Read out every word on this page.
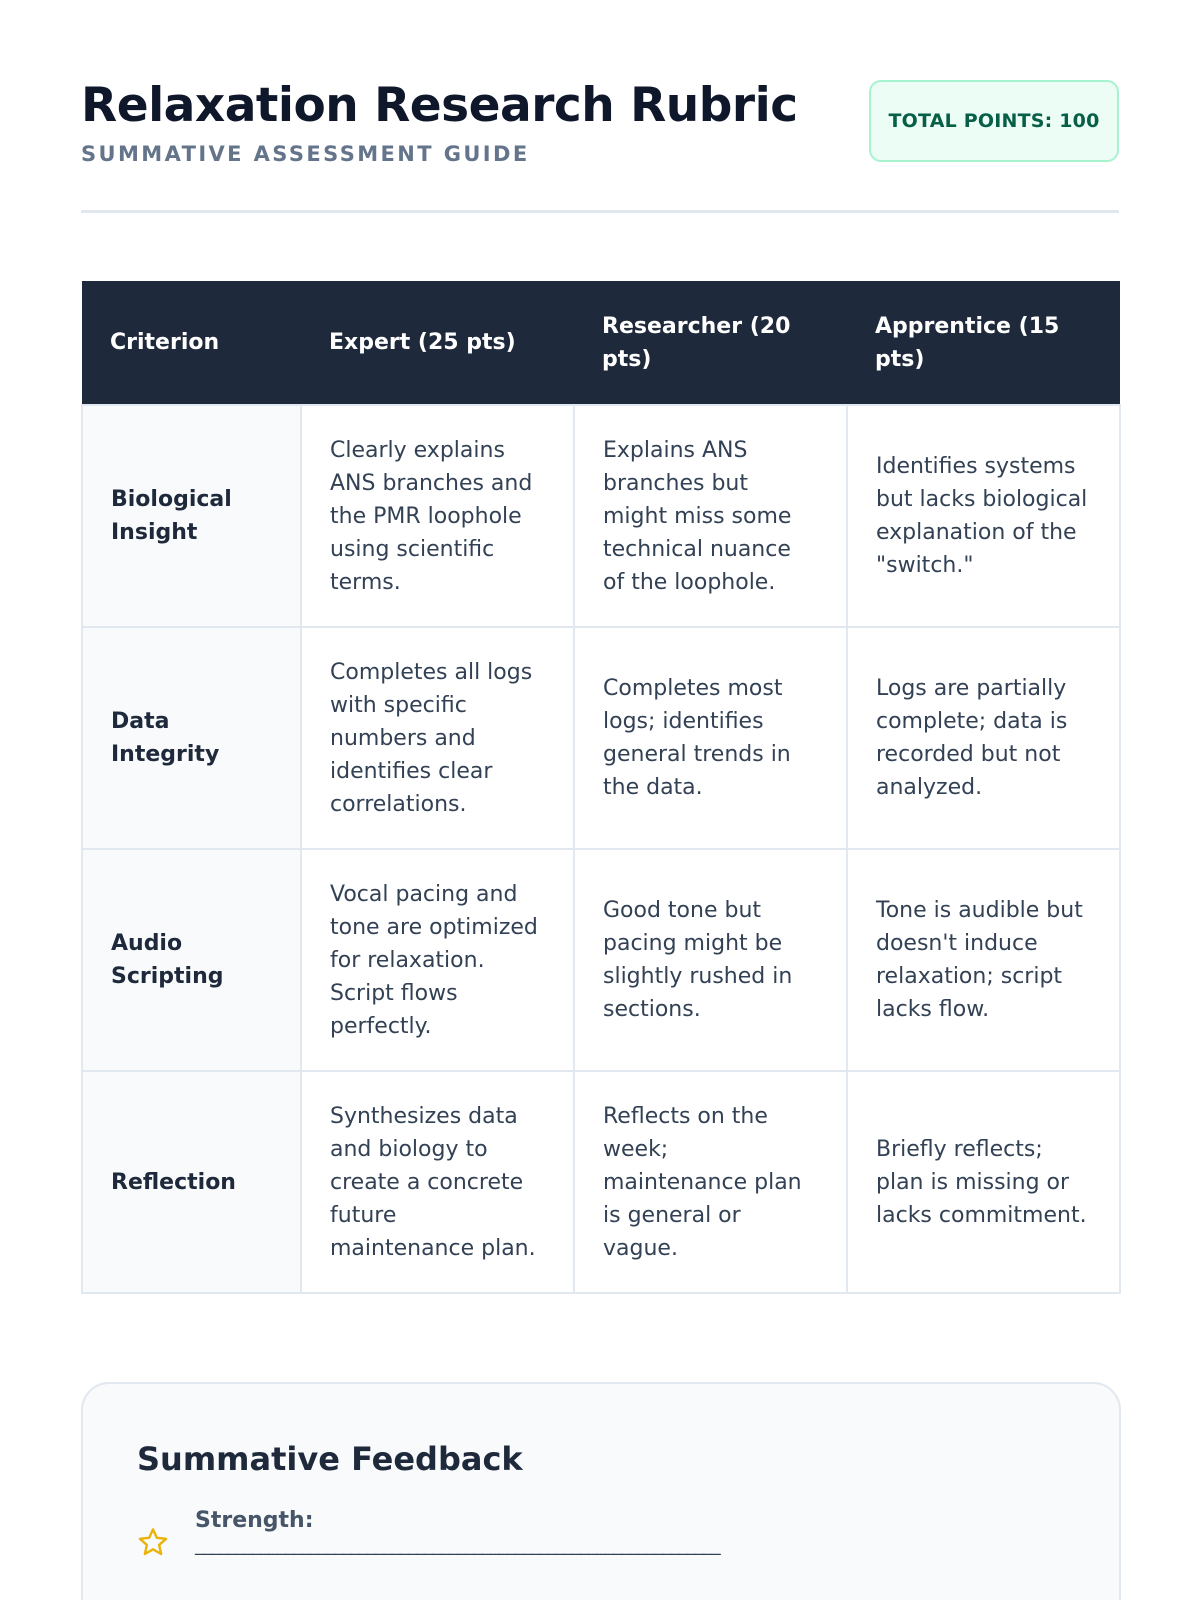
Relaxation Research Rubric
SUMMATIVE ASSESSMENT GUIDE
TOTAL POINTS: 100
Criterion	Expert (25 pts)	Researcher (20 pts)	Apprentice (15 pts)
Biological Insight	Clearly explains ANS branches and the PMR loophole using scientific terms.	Explains ANS branches but might miss some technical nuance of the loophole.	Identifies systems but lacks biological explanation of the "switch."
Data Integrity	Completes all logs with specific numbers and identifies clear correlations.	Completes most logs; identifies general trends in the data.	Logs are partially complete; data is recorded but not analyzed.
Audio Scripting	Vocal pacing and tone are optimized for relaxation. Script flows perfectly.	Good tone but pacing might be slightly rushed in sections.	Tone is audible but doesn't induce relaxation; script lacks flow.
Reflection	Synthesizes data and biology to create a concrete future maintenance plan.	Reflects on the week; maintenance plan is general or vague.	Briefly reflects; plan is missing or lacks commitment.
Summative Feedback
Strength:
________________________________________________________________
